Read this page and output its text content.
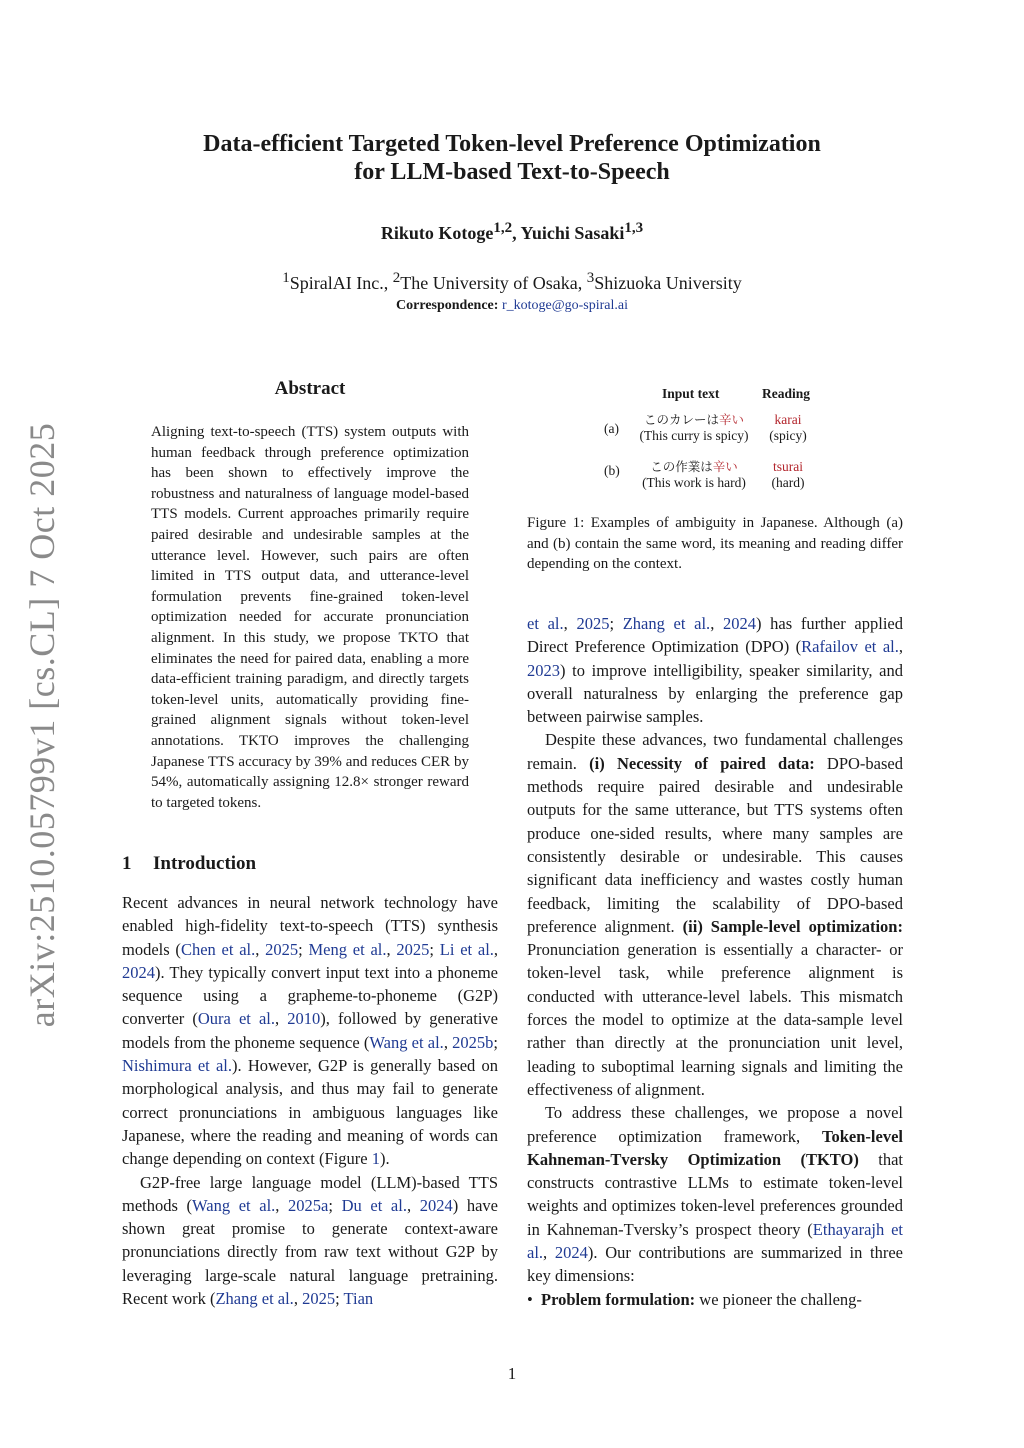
arXiv:2510.05799v1 [cs.CL] 7 Oct 2025
Data-efficient Targeted Token-level Preference Optimization
for LLM-based Text-to-Speech
Rikuto Kotoge$^{1,2}$, Yuichi Sasaki$^{1,3}$
$^1$SpiralAI Inc., $^2$The University of Osaka, $^3$Shizuoka University
Correspondence: r_kotoge@go-spiral.ai
Abstract
Aligning text-to-speech (TTS) system outputs with human feedback through preference optimization has been shown to effectively improve the robustness and naturalness of language model-based TTS models. Current approaches primarily require paired desirable and undesirable samples at the utterance level. However, such pairs are often limited in TTS output data, and utterance-level formulation prevents fine-grained token-level optimization needed for accurate pronunciation alignment. In this study, we propose TKTO that eliminates the need for paired data, enabling a more data-efficient training paradigm, and directly targets token-level units, automatically providing fine-grained alignment signals without token-level annotations. TKTO improves the challenging Japanese TTS accuracy by 39% and reduces CER by 54%, automatically assigning 12.8× stronger reward to targeted tokens.
Input text	Reading
(a)
このカレーは辛い
(This curry is spicy)
karai
(spicy)
(b)	この作業は辛い
(This work is hard)
tsurai
(hard)
Figure 1: Examples of ambiguity in Japanese. Although (a) and (b) contain the same word, its meaning and reading differ depending on the context.
1 Introduction

Recent advances in neural network technology have enabled high-fidelity text-to-speech (TTS) synthesis models (Chen et al., 2025; Meng et al., 2025; Li et al., 2024). They typically convert input text into a phoneme sequence using a grapheme-to-phoneme (G2P) converter (Oura et al., 2010), followed by generative models from the phoneme sequence (Wang et al., 2025b; Nishimura et al.). However, G2P is generally based on morphological analysis, and thus may fail to generate correct pronunciations in ambiguous languages like Japanese, where the reading and meaning of words can change depending on context (Figure 1).

G2P-free large language model (LLM)-based TTS methods (Wang et al., 2025a; Du et al., 2024) have shown great promise to generate context-aware pronunciations directly from raw text without G2P by leveraging large-scale natural language pretraining. Recent work (Zhang et al., 2025; Tian

et al., 2025; Zhang et al., 2024) has further applied Direct Preference Optimization (DPO) (Rafailov et al., 2023) to improve intelligibility, speaker similarity, and overall naturalness by enlarging the preference gap between pairwise samples.

Despite these advances, two fundamental challenges remain. (i) Necessity of paired data: DPO-based methods require paired desirable and undesirable outputs for the same utterance, but TTS systems often produce one-sided results, where many samples are consistently desirable or undesirable. This causes significant data inefficiency and wastes costly human feedback, limiting the scalability of DPO-based preference alignment. (ii) Sample-level optimization: Pronunciation generation is essentially a character- or token-level task, while preference alignment is conducted with utterance-level labels. This mismatch forces the model to optimize at the data-sample level rather than directly at the pronunciation unit level, leading to suboptimal learning signals and limiting the effectiveness of alignment.

To address these challenges, we propose a novel preference optimization framework, Token-level Kahneman-Tversky Optimization (TKTO) that constructs contrastive LLMs to estimate token-level weights and optimizes token-level preferences grounded in Kahneman-Tversky’s prospect theory (Ethayarajh et al., 2024). Our contributions are summarized in three key dimensions:

• Problem formulation: we pioneer the challeng-

1
